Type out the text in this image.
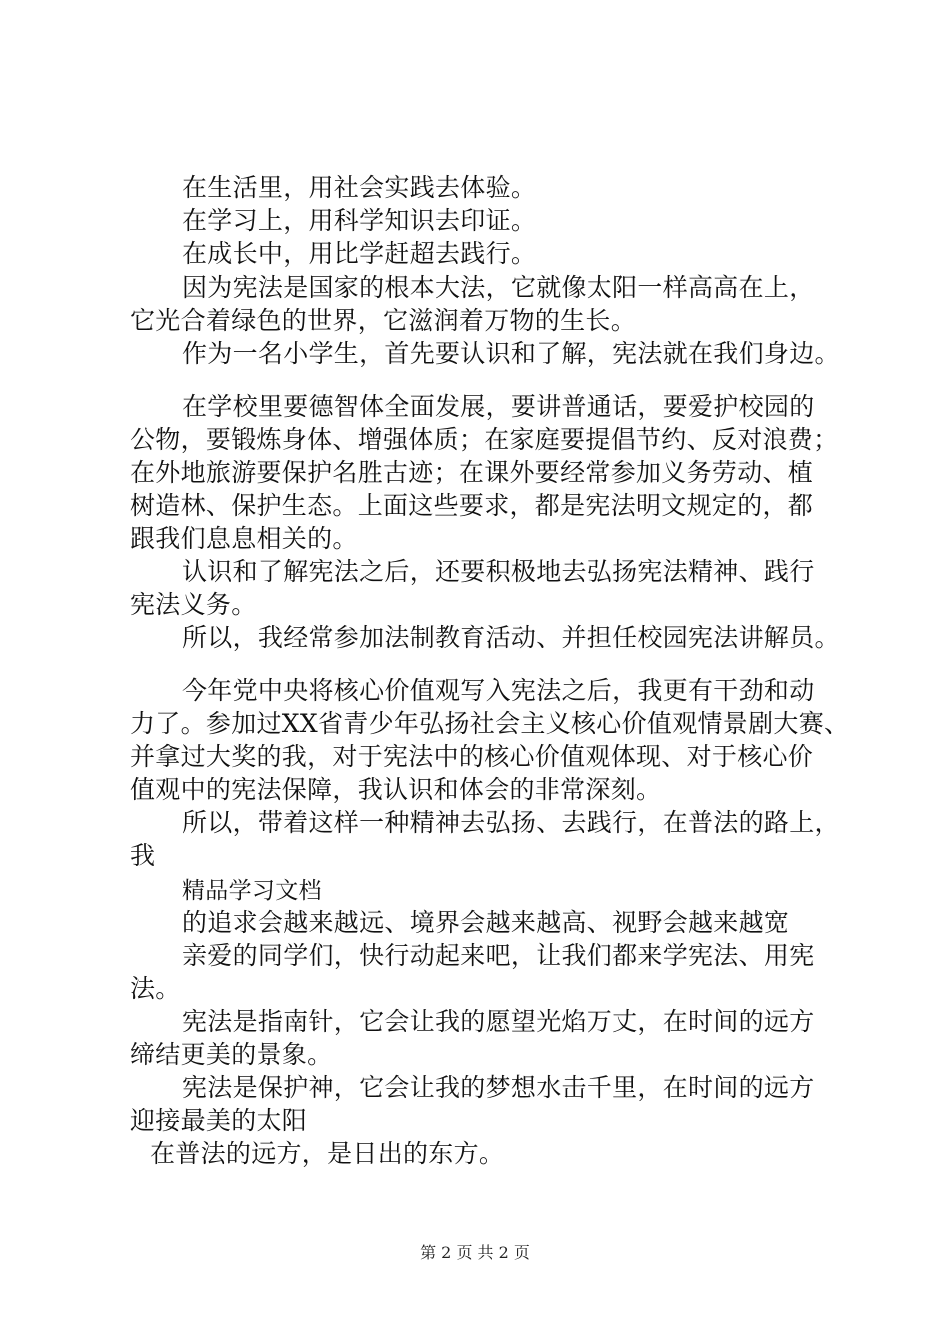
在生活里，用社会实践去体验。
在学习上，用科学知识去印证。
在成长中，用比学赶超去践行。
因为宪法是国家的根本大法，它就像太阳一样高高在上，
它光合着绿色的世界，它滋润着万物的生长。
作为一名小学生，首先要认识和了解，宪法就在我们身边。
在学校里要德智体全面发展，要讲普通话，要爱护校园的
公物，要锻炼身体、增强体质；在家庭要提倡节约、反对浪费；
在外地旅游要保护名胜古迹；在课外要经常参加义务劳动、植
树造林、保护生态。上面这些要求，都是宪法明文规定的，都
跟我们息息相关的。
认识和了解宪法之后，还要积极地去弘扬宪法精神、践行
宪法义务。
所以，我经常参加法制教育活动、并担任校园宪法讲解员。
今年党中央将核心价值观写入宪法之后，我更有干劲和动
力了。参加过XX省青少年弘扬社会主义核心价值观情景剧大赛、
并拿过大奖的我，对于宪法中的核心价值观体现、对于核心价
值观中的宪法保障，我认识和体会的非常深刻。
所以，带着这样一种精神去弘扬、去践行，在普法的路上，
我
精品学习文档
的追求会越来越远、境界会越来越高、视野会越来越宽
亲爱的同学们，快行动起来吧，让我们都来学宪法、用宪
法。
宪法是指南针，它会让我的愿望光焰万丈，在时间的远方
缔结更美的景象。
宪法是保护神，它会让我的梦想水击千里，在时间的远方
迎接最美的太阳
在普法的远方，是日出的东方。
第 2 页 共 2 页
